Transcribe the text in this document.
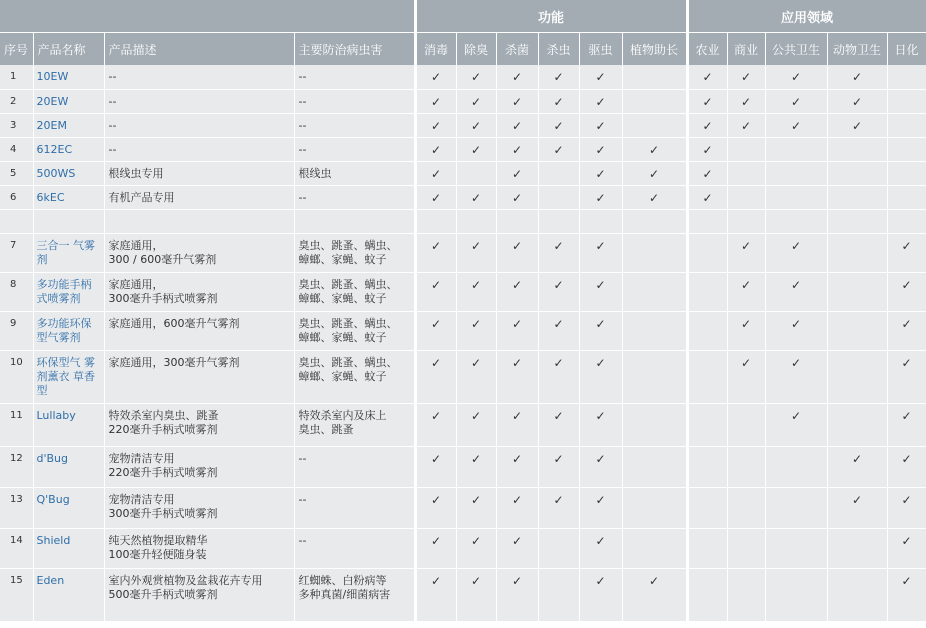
				功能						应用领域				
序号	产品名称	产品描述	主要防治病虫害	消毒	除臭	杀菌	杀虫	驱虫	植物助长	农业	商业	公共卫生	动物卫生	日化
1	10EW	--	--	✓	✓	✓	✓	✓		✓	✓	✓	✓	
2	20EW	--	--	✓	✓	✓	✓	✓		✓	✓	✓	✓	
3	20EM	--	--	✓	✓	✓	✓	✓		✓	✓	✓	✓	
4	612EC	--	--	✓	✓	✓	✓	✓	✓	✓				
5	500WS	根线虫专用	根线虫	✓		✓		✓	✓	✓				
6	6kEC	有机产品专用	--	✓	✓	✓		✓	✓	✓				

7	三合一 气雾剂	家庭通用，
300 / 600毫升气雾剂	臭虫、跳蚤、螨虫、
蟑螂、家蝇、蚊子	✓	✓	✓	✓	✓			✓	✓		✓
8	多功能手柄 式喷雾剂	家庭通用，
300毫升手柄式喷雾剂	臭虫、跳蚤、螨虫、
蟑螂、家蝇、蚊子	✓	✓	✓	✓	✓			✓	✓		✓
9	多功能环保 型气雾剂	家庭通用，600毫升气雾剂	臭虫、跳蚤、螨虫、
蟑螂、家蝇、蚊子	✓	✓	✓	✓	✓			✓	✓		✓
10	环保型气 雾剂薰衣 草香型	家庭通用，300毫升气雾剂	臭虫、跳蚤、螨虫、
蟑螂、家蝇、蚊子	✓	✓	✓	✓	✓			✓	✓		✓
11	Lullaby	特效杀室内臭虫、跳蚤
220毫升手柄式喷雾剂	特效杀室内及床上
臭虫、跳蚤	✓	✓	✓	✓	✓				✓		✓
12	d'Bug	宠物清洁专用
220毫升手柄式喷雾剂	--	✓	✓	✓	✓	✓					✓	✓
13	Q'Bug	宠物清洁专用
300毫升手柄式喷雾剂	--	✓	✓	✓	✓	✓					✓	✓
14	Shield	纯天然植物提取精华
100毫升轻便随身装	--	✓	✓	✓		✓						✓
15	Eden	室内外观赏植物及盆栽花卉专用
500毫升手柄式喷雾剂	红蜘蛛、白粉病等
多种真菌/细菌病害	✓	✓	✓		✓	✓					✓
